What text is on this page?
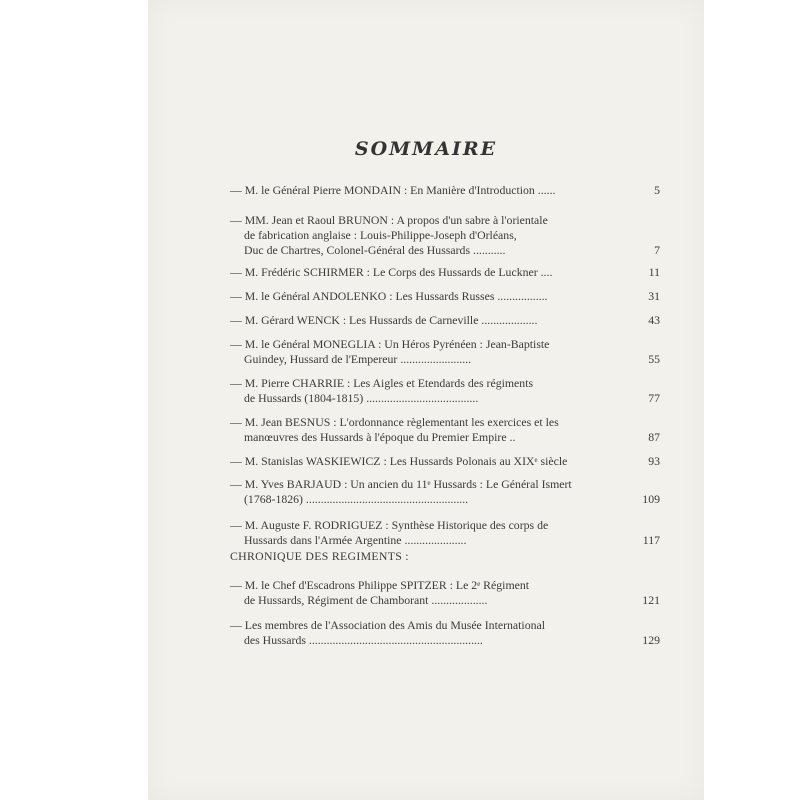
SOMMAIRE
— M. le Général Pierre MONDAIN : En Manière d'Introduction ......	5
— MM. Jean et Raoul BRUNON : A propos d'un sabre à l'orientale
de fabrication anglaise : Louis-Philippe-Joseph d'Orléans,
Duc de Chartres, Colonel-Général des Hussards ...........	7
— M. Frédéric SCHIRMER : Le Corps des Hussards de Luckner ....	11
— M. le Général ANDOLENKO : Les Hussards Russes .................	31
— M. Gérard WENCK : Les Hussards de Carneville ...................	43
— M. le Général MONEGLIA : Un Héros Pyrénéen : Jean-Baptiste
Guindey, Hussard de l'Empereur ........................	55
— M. Pierre CHARRIE : Les Aigles et Etendards des régiments
de Hussards (1804-1815) ......................................	77
— M. Jean BESNUS : L'ordonnance règlementant les exercices et les
manœuvres des Hussards à l'époque du Premier Empire ..	87
— M. Stanislas WASKIEWICZ : Les Hussards Polonais au XIXᵉ siècle	93
— M. Yves BARJAUD : Un ancien du 11ᵉ Hussards : Le Général Ismert
(1768-1826) .......................................................	109
— M. Auguste F. RODRIGUEZ : Synthèse Historique des corps de
Hussards dans l'Armée Argentine .....................	117
CHRONIQUE DES REGIMENTS :
— M. le Chef d'Escadrons Philippe SPITZER : Le 2ᵉ Régiment
de Hussards, Régiment de Chamborant ...................	121
— Les membres de l'Association des Amis du Musée International
des Hussards ...........................................................	129
